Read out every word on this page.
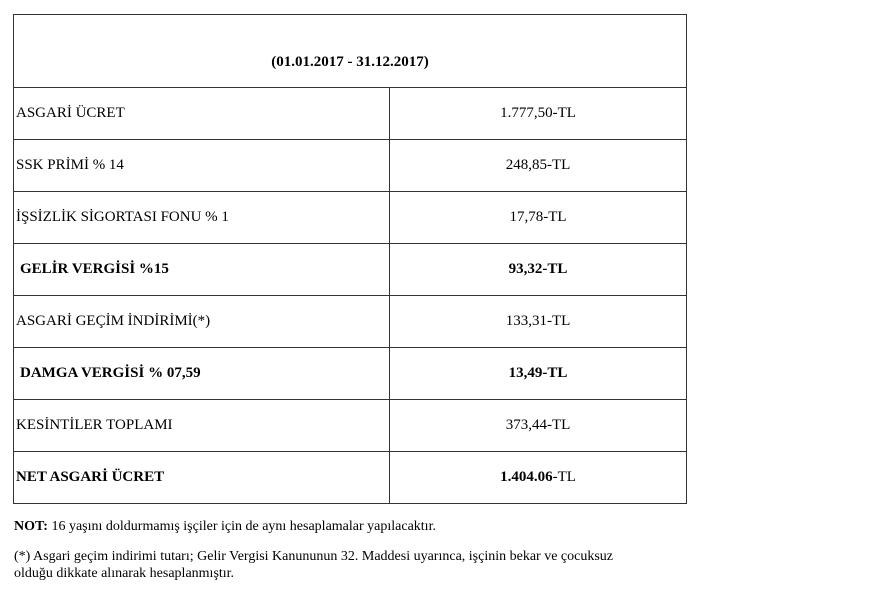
(01.01.2017 - 31.12.2017)
ASGARİ ÜCRET	1.777,50-TL
SSK PRİMİ % 14	248,85-TL
İŞSİZLİK SİGORTASI FONU % 1	17,78-TL
GELİR VERGİSİ %15	93,32-TL
ASGARİ GEÇİM İNDİRİMİ(*)	133,31-TL
DAMGA VERGİSİ % 07,59	13,49-TL
KESİNTİLER TOPLAMI	373,44-TL
NET ASGARİ ÜCRET	1.404.06 -TL

NOT: 16 yaşını doldurmamış işçiler için de aynı hesaplamalar yapılacaktır.

(*) Asgari geçim indirimi tutarı; Gelir Vergisi Kanununun 32. Maddesi uyarınca, işçinin bekar ve çocuksuz
olduğu dikkate alınarak hesaplanmıştır.
